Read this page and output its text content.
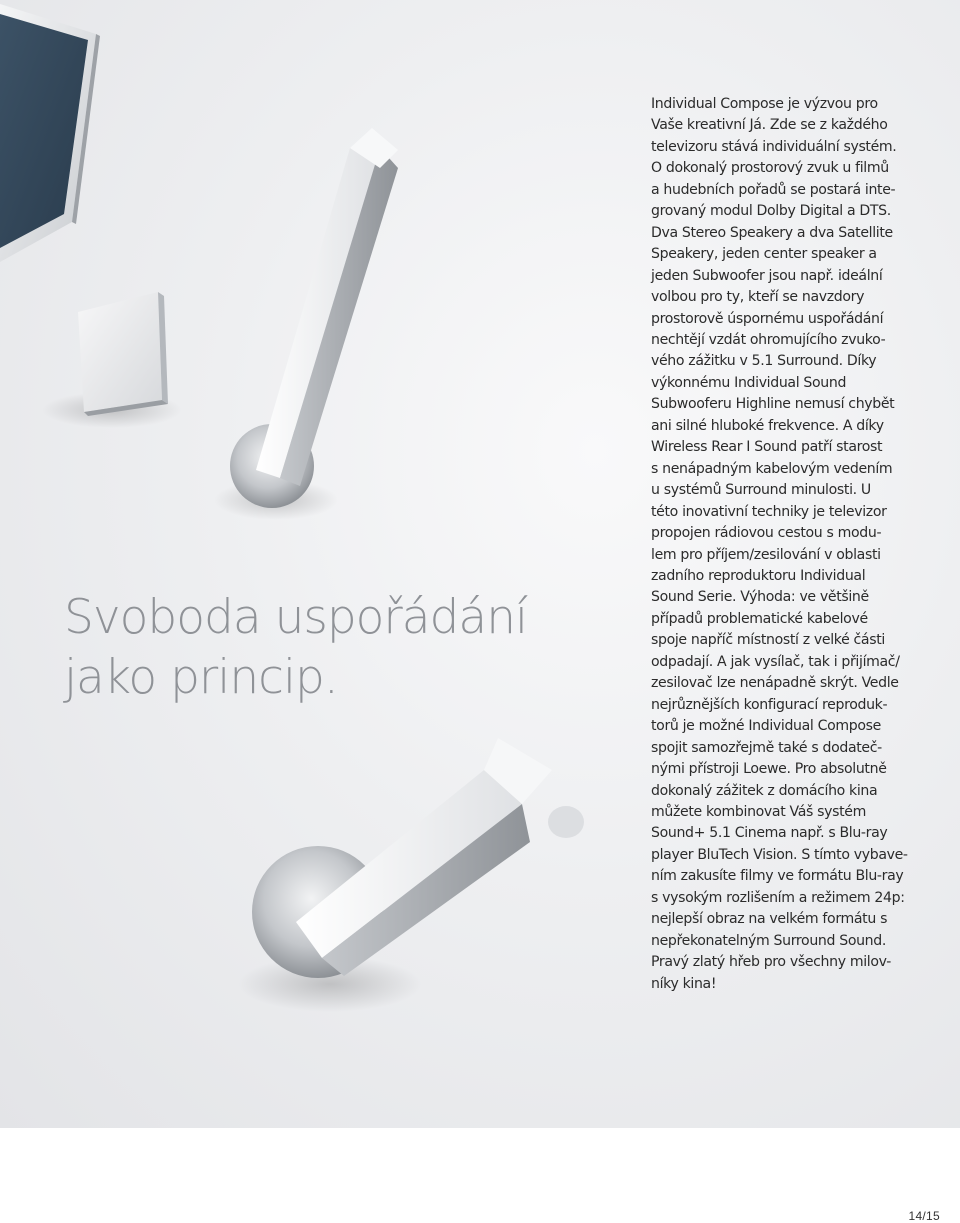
Svoboda uspořádání
jako princip.
Individual Compose je výzvou pro
Vaše kreativní Já. Zde se z každého
televizoru stává individuální systém.
O dokonalý prostorový zvuk u filmů
a hudebních pořadů se postará inte-
grovaný modul Dolby Digital a DTS.
Dva Stereo Speakery a dva Satellite
Speakery, jeden center speaker a
jeden Subwoofer jsou např. ideální
volbou pro ty, kteří se navzdory
prostorově úspornému uspořádání
nechtějí vzdát ohromujícího zvuko-
vého zážitku v 5.1 Surround. Díky
výkonnému Individual Sound
Subwooferu Highline nemusí chybět
ani silné hluboké frekvence. A díky
Wireless Rear I Sound patří starost
s nenápadným kabelovým vedením
u systémů Surround minulosti. U
této inovativní techniky je televizor
propojen rádiovou cestou s modu-
lem pro příjem/zesilování v oblasti
zadního reproduktoru Individual
Sound Serie. Výhoda: ve většině
případů problematické kabelové
spoje napříč místností z velké části
odpadají. A jak vysílač, tak i přijímač/
zesilovač lze nenápadně skrýt. Vedle
nejrůznějších konfigurací reproduk-
torů je možné Individual Compose
spojit samozřejmě také s dodateč-
nými přístroji Loewe. Pro absolutně
dokonalý zážitek z domácího kina
můžete kombinovat Váš systém
Sound+ 5.1 Cinema např. s Blu-ray
player BluTech Vision. S tímto vybave-
ním zakusíte filmy ve formátu Blu-ray
s vysokým rozlišením a režimem 24p:
nejlepší obraz na velkém formátu s
nepřekonatelným Surround Sound.
Pravý zlatý hřeb pro všechny milov-
níky kina!
14/15
